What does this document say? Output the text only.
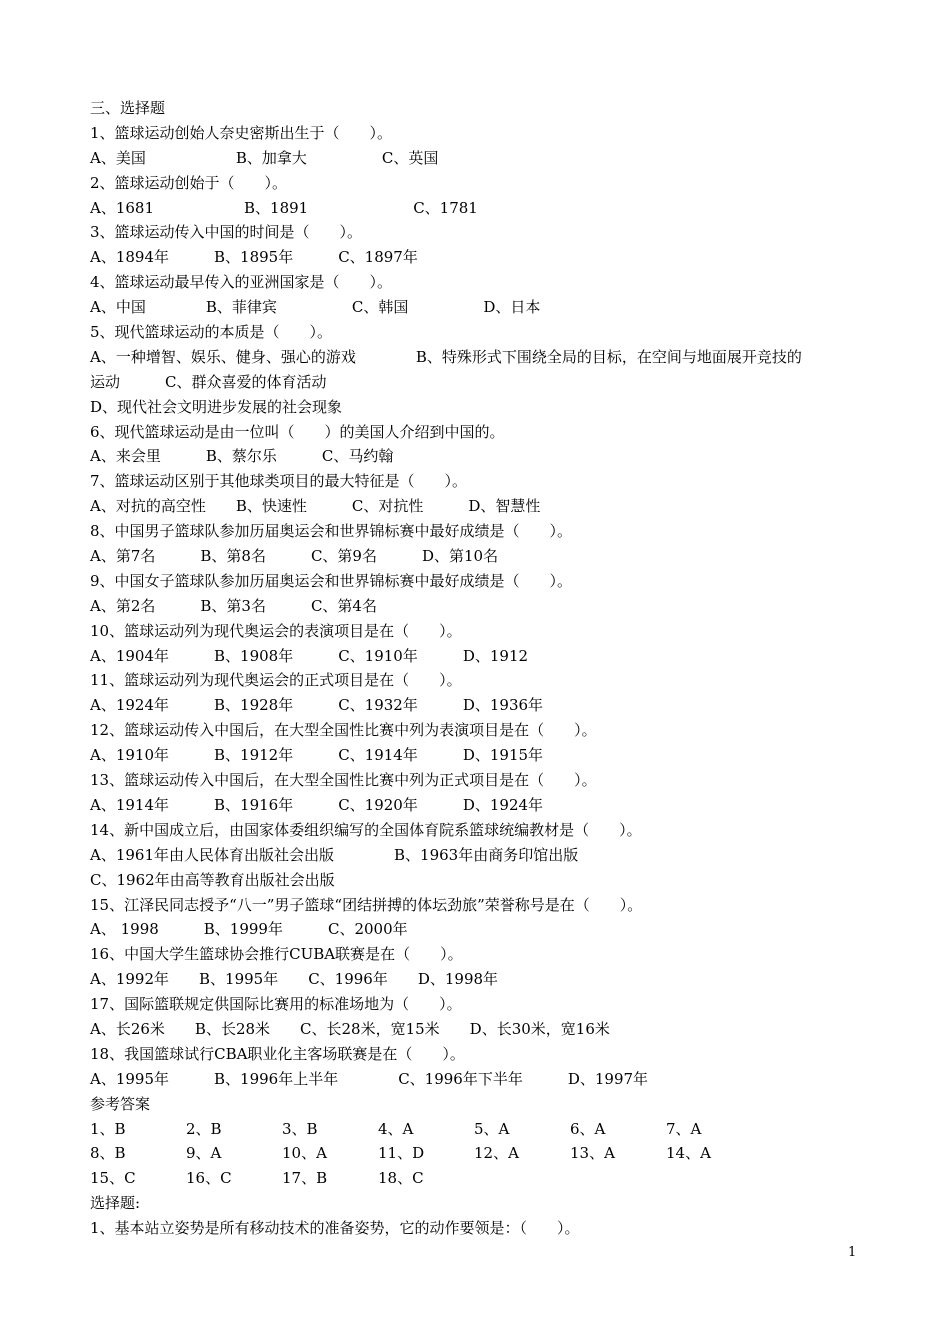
三、选择题
1、篮球运动创始人奈史密斯出生于（　　）。
A、美国　　　　　　B、加拿大　　　　　C、英国
2、篮球运动创始于（　　）。
A、1681　　　　　　B、1891　　　　　　　C、1781
3、篮球运动传入中国的时间是（　　）。
A、1894年　　　B、1895年　　　C、1897年
4、篮球运动最早传入的亚洲国家是（　　）。
A、中国　　　　B、菲律宾　　　　　C、韩国　　　　　D、日本
5、现代篮球运动的本质是（　　）。
A、一种增智、娱乐、健身、强心的游戏　　　　B、特殊形式下围绕全局的目标，在空间与地面展开竞技的
运动　　　C、群众喜爱的体育活动
D、现代社会文明进步发展的社会现象
6、现代篮球运动是由一位叫（　　）的美国人介绍到中国的。
A、来会里　　　B、蔡尔乐　　　C、马约翰
7、篮球运动区别于其他球类项目的最大特征是（　　）。
A、对抗的高空性　　B、快速性　　　C、对抗性　　　D、智慧性
8、中国男子篮球队参加历届奥运会和世界锦标赛中最好成绩是（　　）。
A、第7名　　　B、第8名　　　C、第9名　　　D、第10名
9、中国女子篮球队参加历届奥运会和世界锦标赛中最好成绩是（　　）。
A、第2名　　　B、第3名　　　C、第4名
10、篮球运动列为现代奥运会的表演项目是在（　　）。
A、1904年　　　B、1908年　　　C、1910年　　　D、1912
11、篮球运动列为现代奥运会的正式项目是在（　　）。
A、1924年　　　B、1928年　　　C、1932年　　　D、1936年
12、篮球运动传入中国后，在大型全国性比赛中列为表演项目是在（　　）。
A、1910年　　　B、1912年　　　C、1914年　　　D、1915年
13、篮球运动传入中国后，在大型全国性比赛中列为正式项目是在（　　）。
A、1914年　　　B、1916年　　　C、1920年　　　D、1924年
14、新中国成立后，由国家体委组织编写的全国体育院系篮球统编教材是（　　）。
A、1961年由人民体育出版社会出版　　　　B、1963年由商务印馆出版
C、1962年由高等教育出版社会出版
15、江泽民同志授予“八一”男子篮球“团结拼搏的体坛劲旅”荣誉称号是在（　　）。
A、 1998　　　B、1999年　　　C、2000年
16、中国大学生篮球协会推行CUBA联赛是在（　　）。
A、1992年　　B、1995年　　C、1996年　　D、1998年
17、国际篮联规定供国际比赛用的标准场地为（　　）。
A、长26米　　B、长28米　　C、长28米，宽15米　　D、长30米，宽16米
18、我国篮球试行CBA职业化主客场联赛是在（　　）。
A、1995年　　　B、1996年上半年　　　　C、1996年下半年　　　D、1997年
参考答案
1、B	2、B	3、B	4、A	5、A	6、A	7、A
8、B	9、A	10、A	11、D	12、A	13、A	14、A
15、C	16、C	17、B	18、C
选择题:
1、基本站立姿势是所有移动技术的准备姿势，它的动作要领是：（　　）。
1
